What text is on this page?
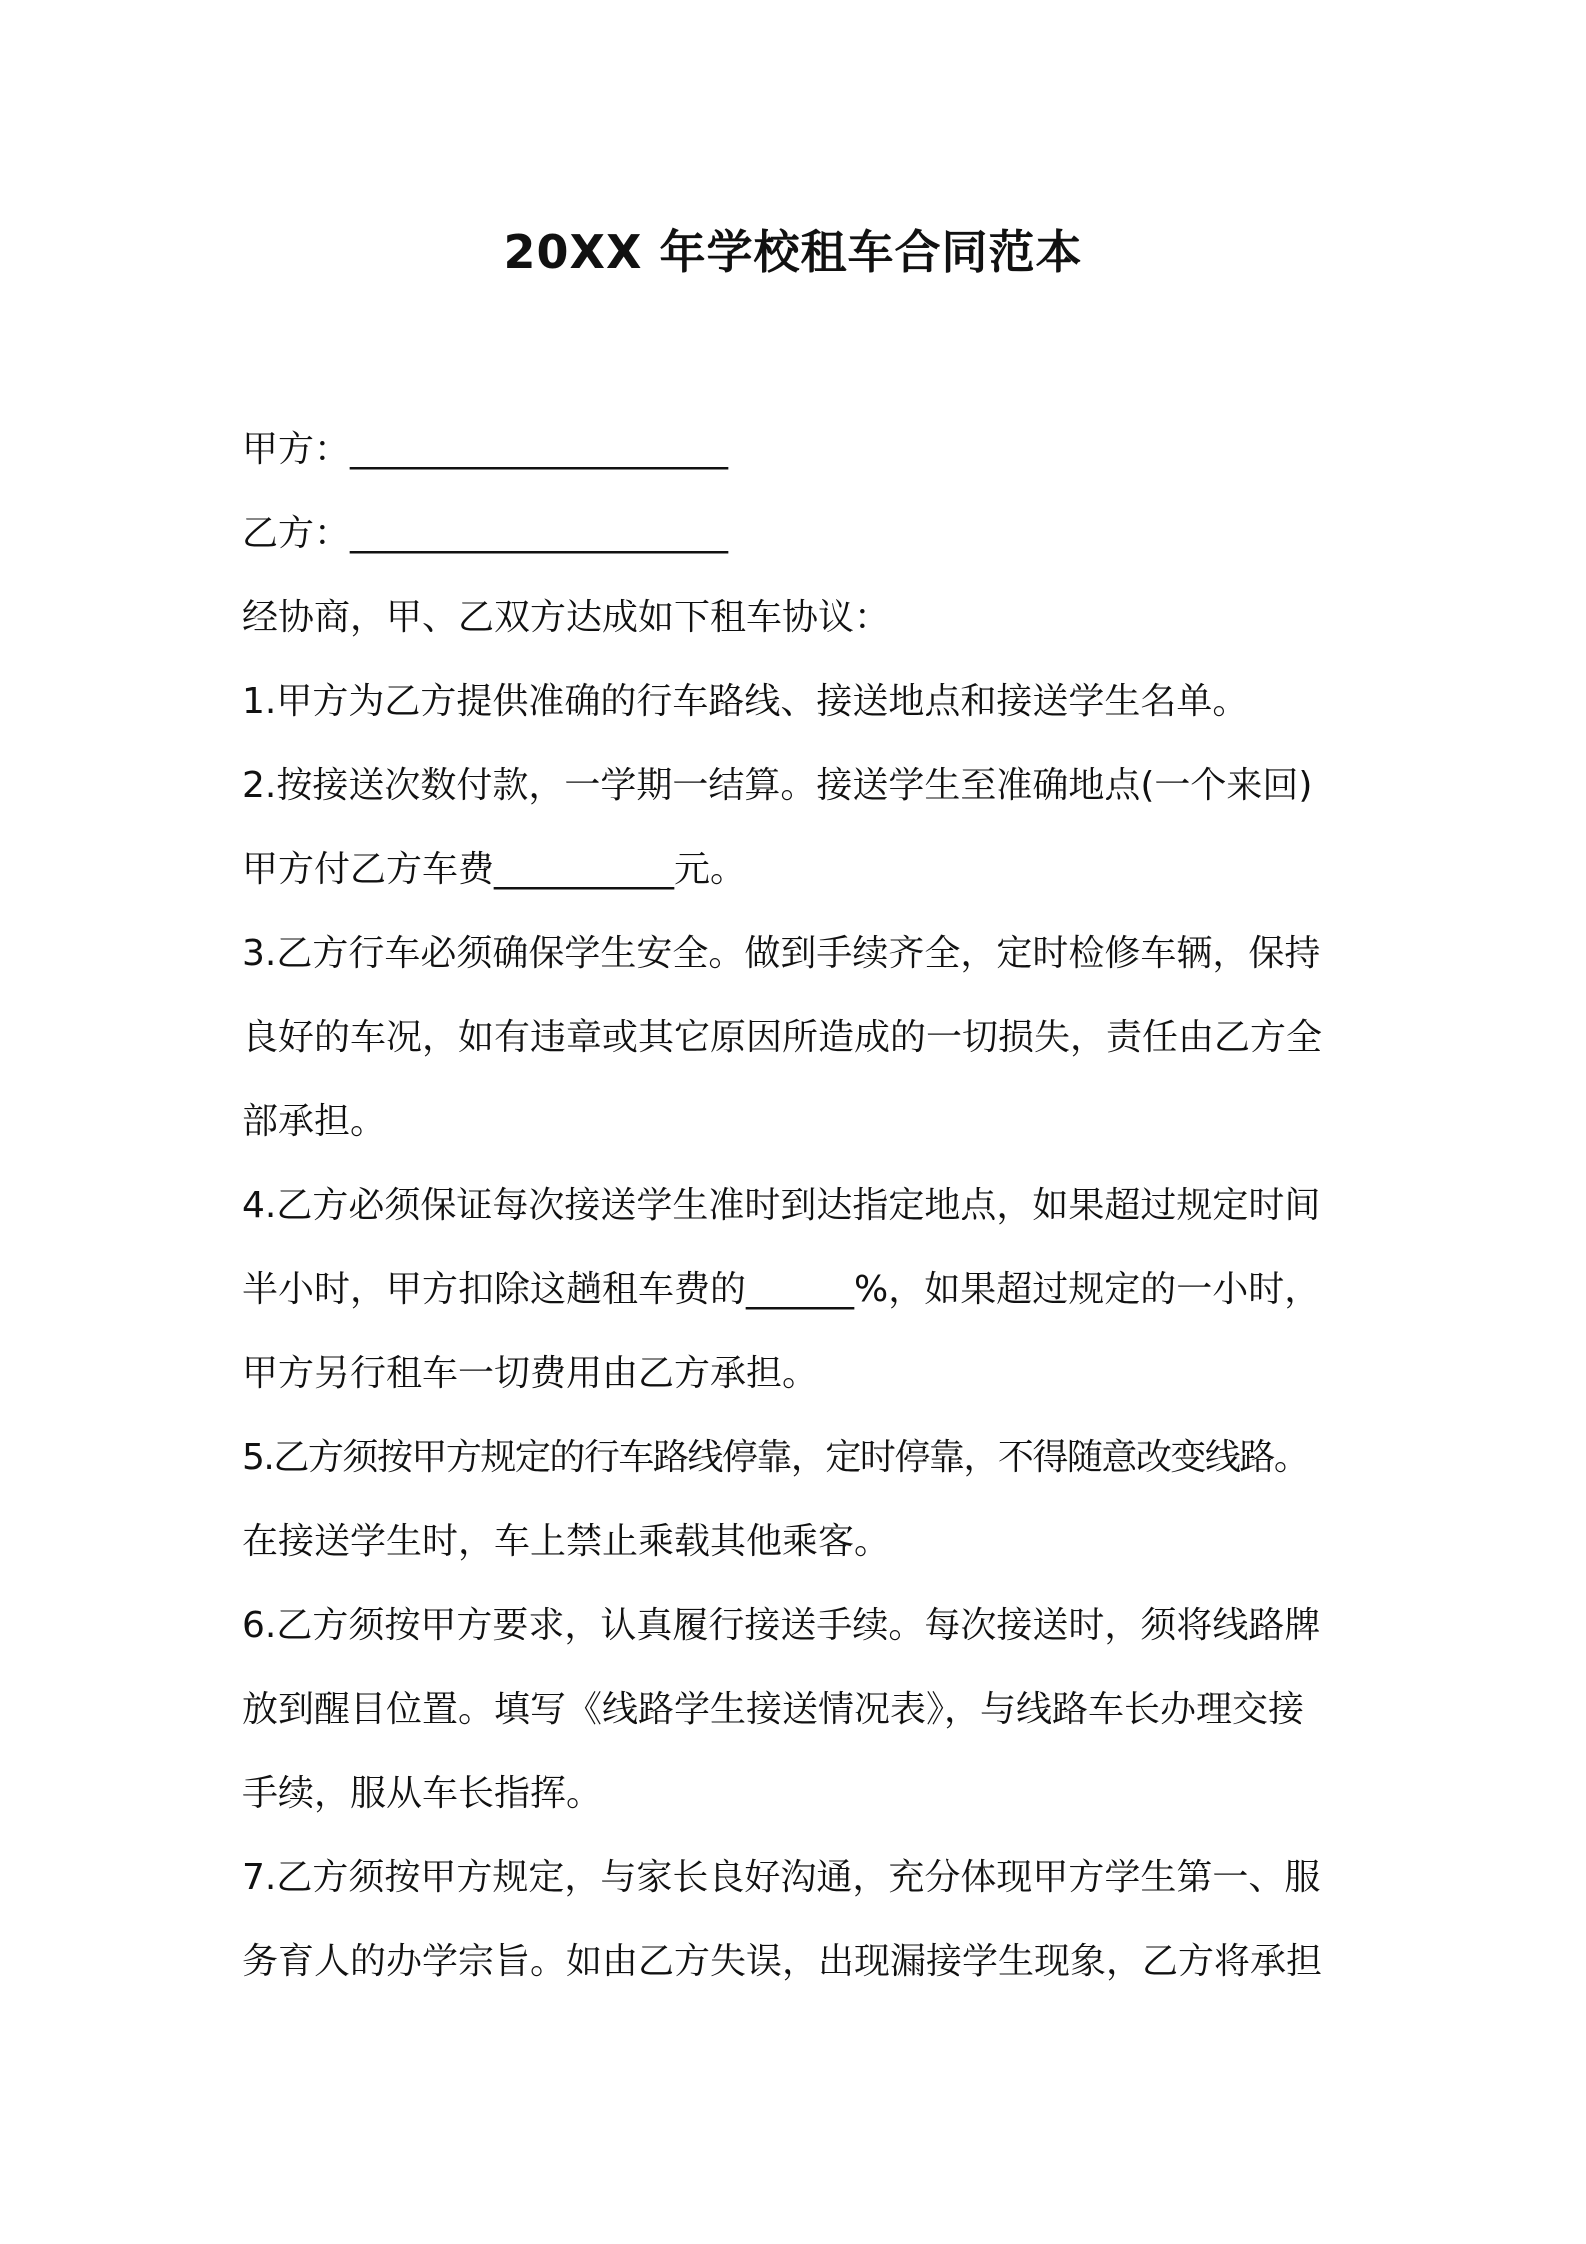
20XX 年学校租车合同范本
甲方：_____________________
乙方：_____________________
经协商，甲、乙双方达成如下租车协议：
1.甲方为乙方提供准确的行车路线、接送地点和接送学生名单。
2.按接送次数付款，一学期一结算。接送学生至准确地点(一个来回)
甲方付乙方车费__________元。
3.乙方行车必须确保学生安全。做到手续齐全，定时检修车辆，保持
良好的车况，如有违章或其它原因所造成的一切损失，责任由乙方全
部承担。
4.乙方必须保证每次接送学生准时到达指定地点，如果超过规定时间
半小时，甲方扣除这趟租车费的______%，如果超过规定的一小时，
甲方另行租车一切费用由乙方承担。
5.乙方须按甲方规定的行车路线停靠，定时停靠，不得随意改变线路。
在接送学生时，车上禁止乘载其他乘客。
6.乙方须按甲方要求，认真履行接送手续。每次接送时，须将线路牌
放到醒目位置。填写《线路学生接送情况表》，与线路车长办理交接
手续，服从车长指挥。
7.乙方须按甲方规定，与家长良好沟通，充分体现甲方学生第一、服
务育人的办学宗旨。如由乙方失误，出现漏接学生现象，乙方将承担
